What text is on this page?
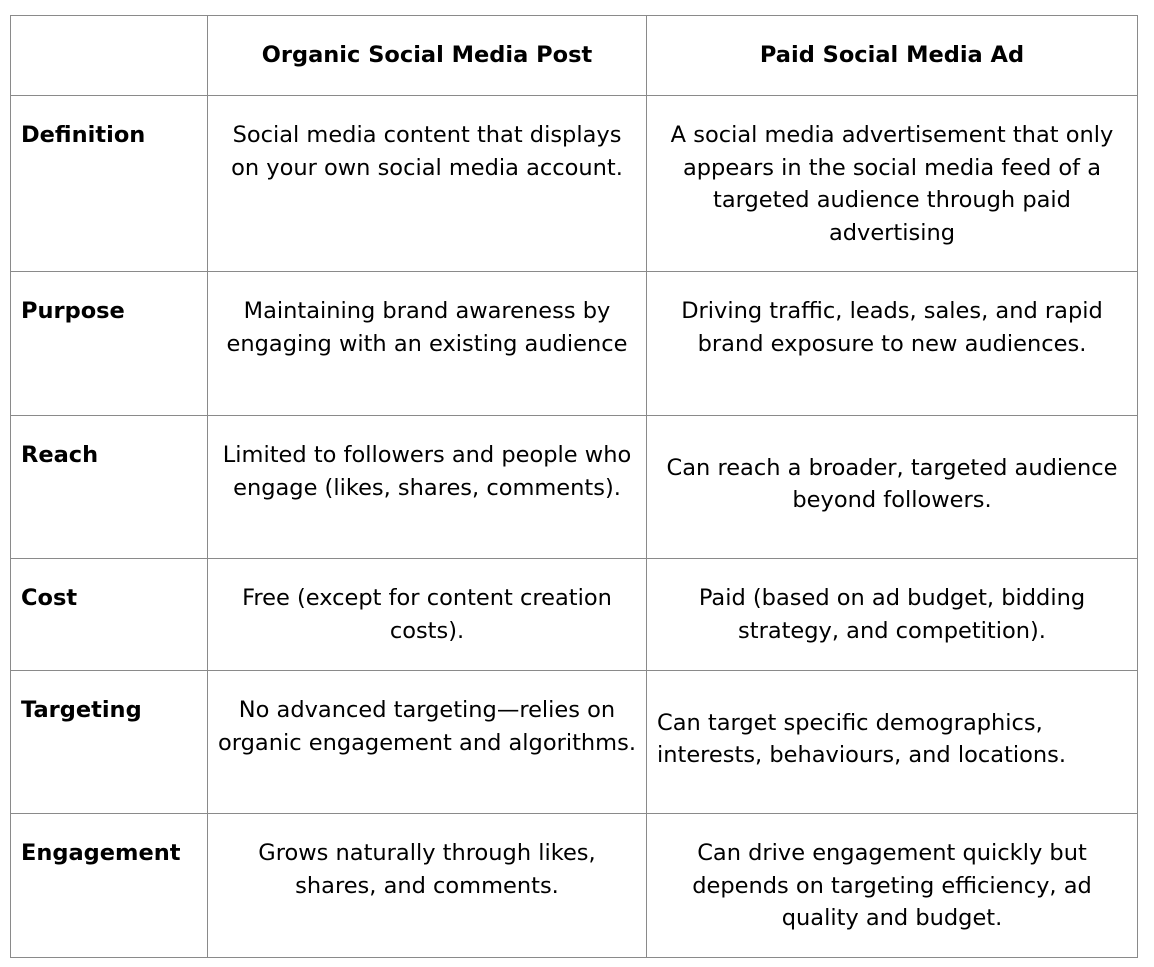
	Organic Social Media Post	Paid Social Media Ad
Definition	Social media content that displays on your own social media account.	A social media advertisement that only appears in the social media feed of a targeted audience through paid advertising
Purpose	Maintaining brand awareness by engaging with an existing audience	Driving traffic, leads, sales, and rapid brand exposure to new audiences.
Reach	Limited to followers and people who engage (likes, shares, comments).	Can reach a broader, targeted audience beyond followers.
Cost	Free (except for content creation costs).	Paid (based on ad budget, bidding strategy, and competition).
Targeting	No advanced targeting—relies on organic engagement and algorithms.	Can target specific demographics, interests, behaviours, and locations.
Engagement	Grows naturally through likes, shares, and comments.	Can drive engagement quickly but depends on targeting efficiency, ad quality and budget.
